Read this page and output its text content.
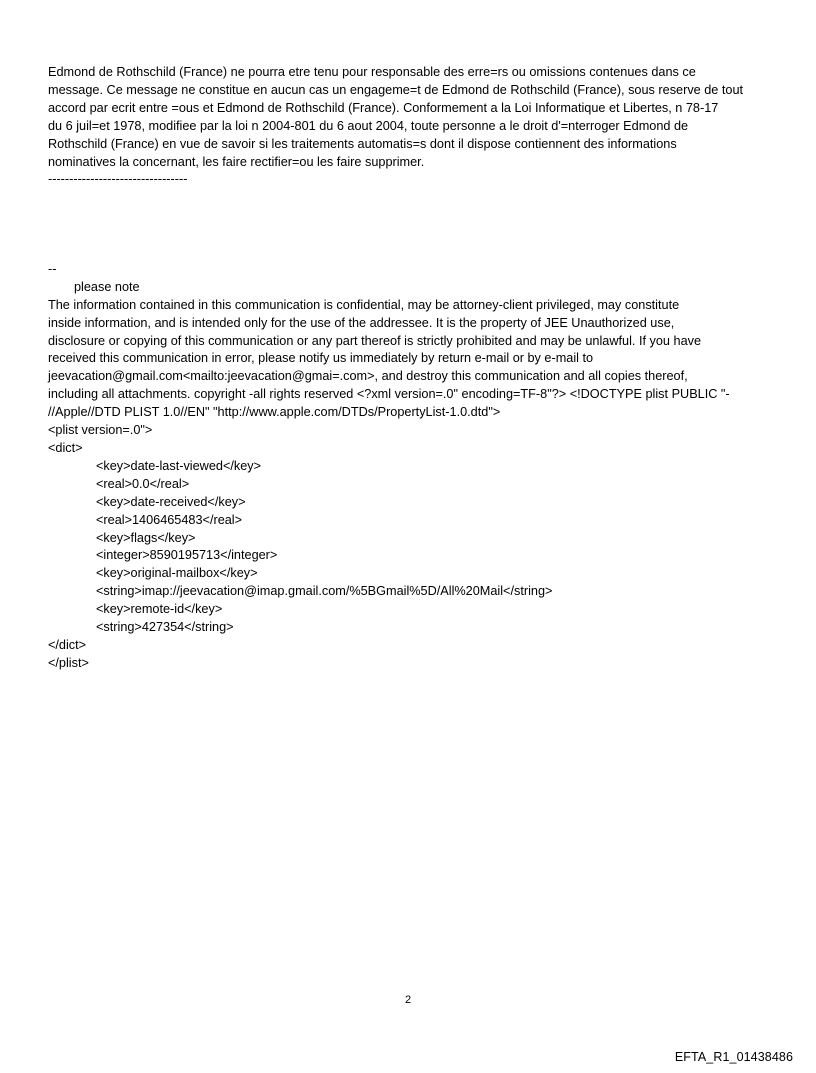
Edmond de Rothschild (France) ne pourra etre tenu pour responsable des erre=rs ou omissions contenues dans ce
message. Ce message ne constitue en aucun cas un engageme=t de Edmond de Rothschild (France), sous reserve de tout
accord par ecrit entre =ous et Edmond de Rothschild (France). Conformement a la Loi Informatique et Libertes, n 78-17
du 6 juil=et 1978, modifiee par la loi n 2004-801 du 6 aout 2004, toute personne a le droit d'=nterroger Edmond de
Rothschild (France) en vue de savoir si les traitements automatis=s dont il dispose contiennent des informations
nominatives la concernant, les faire rectifier=ou les faire supprimer.
---------------------------------
--
please note
The information contained in this communication is confidential, may be attorney-client privileged, may constitute
inside information, and is intended only for the use of the addressee. It is the property of JEE Unauthorized use,
disclosure or copying of this communication or any part thereof is strictly prohibited and may be unlawful. If you have
received this communication in error, please notify us immediately by return e-mail or by e-mail to
jeevacation@gmail.com<mailto:jeevacation@gmai=.com>, and destroy this communication and all copies thereof,
including all attachments. copyright -all rights reserved <?xml version=.0" encoding=TF-8"?> <!DOCTYPE plist PUBLIC "-
//Apple//DTD PLIST 1.0//EN" "http://www.apple.com/DTDs/PropertyList-1.0.dtd">
<plist version=.0">
<dict>
<key>date-last-viewed</key>
<real>0.0</real>
<key>date-received</key>
<real>1406465483</real>
<key>flags</key>
<integer>8590195713</integer>
<key>original-mailbox</key>
<string>imap://jeevacation@imap.gmail.com/%5BGmail%5D/All%20Mail</string>
<key>remote-id</key>
<string>427354</string>
</dict>
</plist>
2
EFTA_R1_01438486
